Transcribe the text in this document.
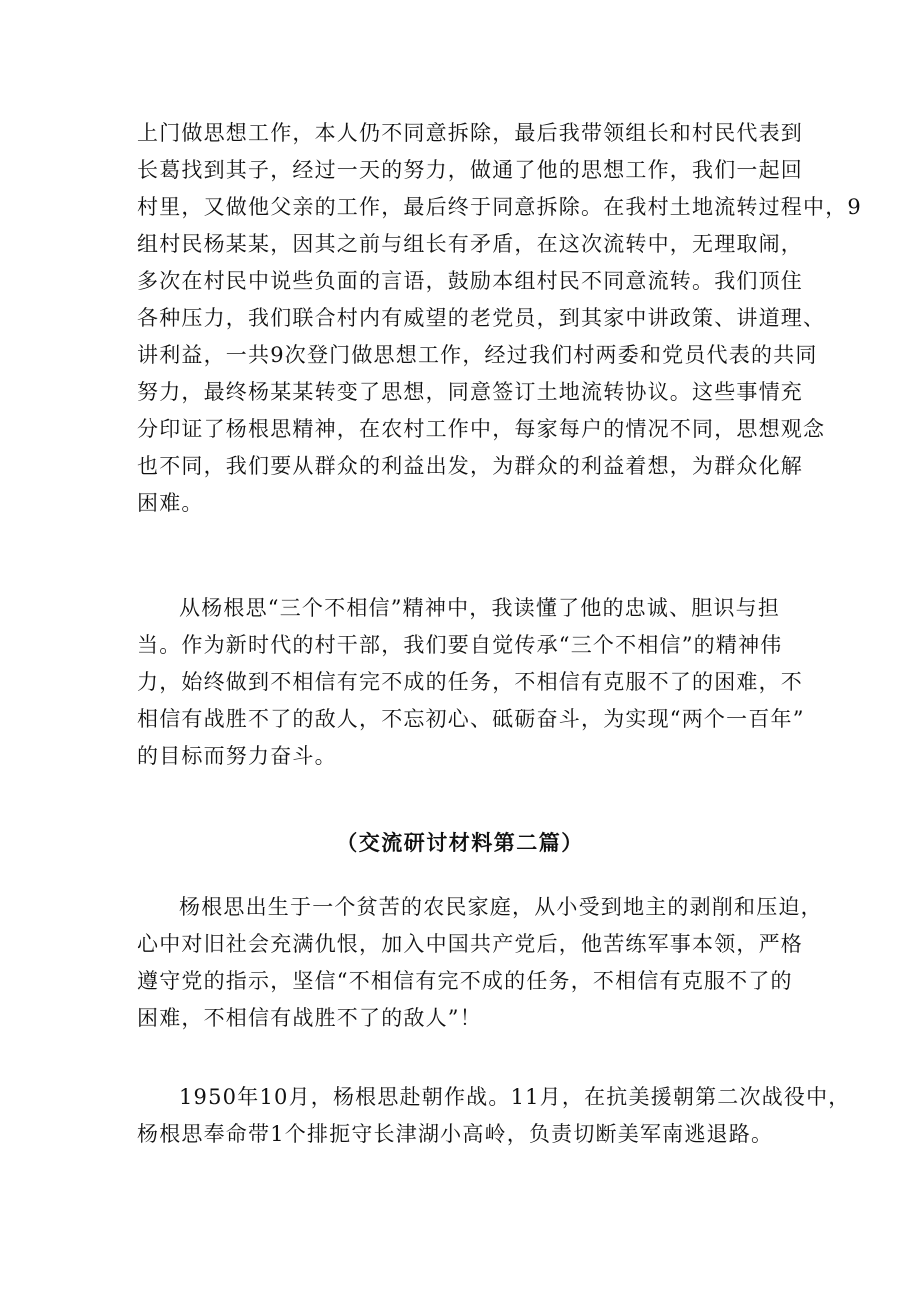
上门做思想工作，本人仍不同意拆除，最后我带领组长和村民代表到
长葛找到其子，经过一天的努力，做通了他的思想工作，我们一起回
村里，又做他父亲的工作，最后终于同意拆除。在我村土地流转过程中，9
组村民杨某某，因其之前与组长有矛盾，在这次流转中，无理取闹，
多次在村民中说些负面的言语，鼓励本组村民不同意流转。我们顶住
各种压力，我们联合村内有威望的老党员，到其家中讲政策、讲道理、
讲利益，一共9次登门做思想工作，经过我们村两委和党员代表的共同
努力，最终杨某某转变了思想，同意签订土地流转协议。这些事情充
分印证了杨根思精神，在农村工作中，每家每户的情况不同，思想观念
也不同，我们要从群众的利益出发，为群众的利益着想，为群众化解
困难。
从杨根思“三个不相信”精神中，我读懂了他的忠诚、胆识与担
当。作为新时代的村干部，我们要自觉传承“三个不相信”的精神伟
力，始终做到不相信有完不成的任务，不相信有克服不了的困难，不
相信有战胜不了的敌人，不忘初心、砥砺奋斗，为实现“两个一百年”
的目标而努力奋斗。
（交流研讨材料第二篇）
杨根思出生于一个贫苦的农民家庭，从小受到地主的剥削和压迫，
心中对旧社会充满仇恨，加入中国共产党后，他苦练军事本领，严格
遵守党的指示，坚信“不相信有完不成的任务，不相信有克服不了的
困难，不相信有战胜不了的敌人”！
1950年10月，杨根思赴朝作战。11月，在抗美援朝第二次战役中，
杨根思奉命带1个排扼守长津湖小高岭，负责切断美军南逃退路。
